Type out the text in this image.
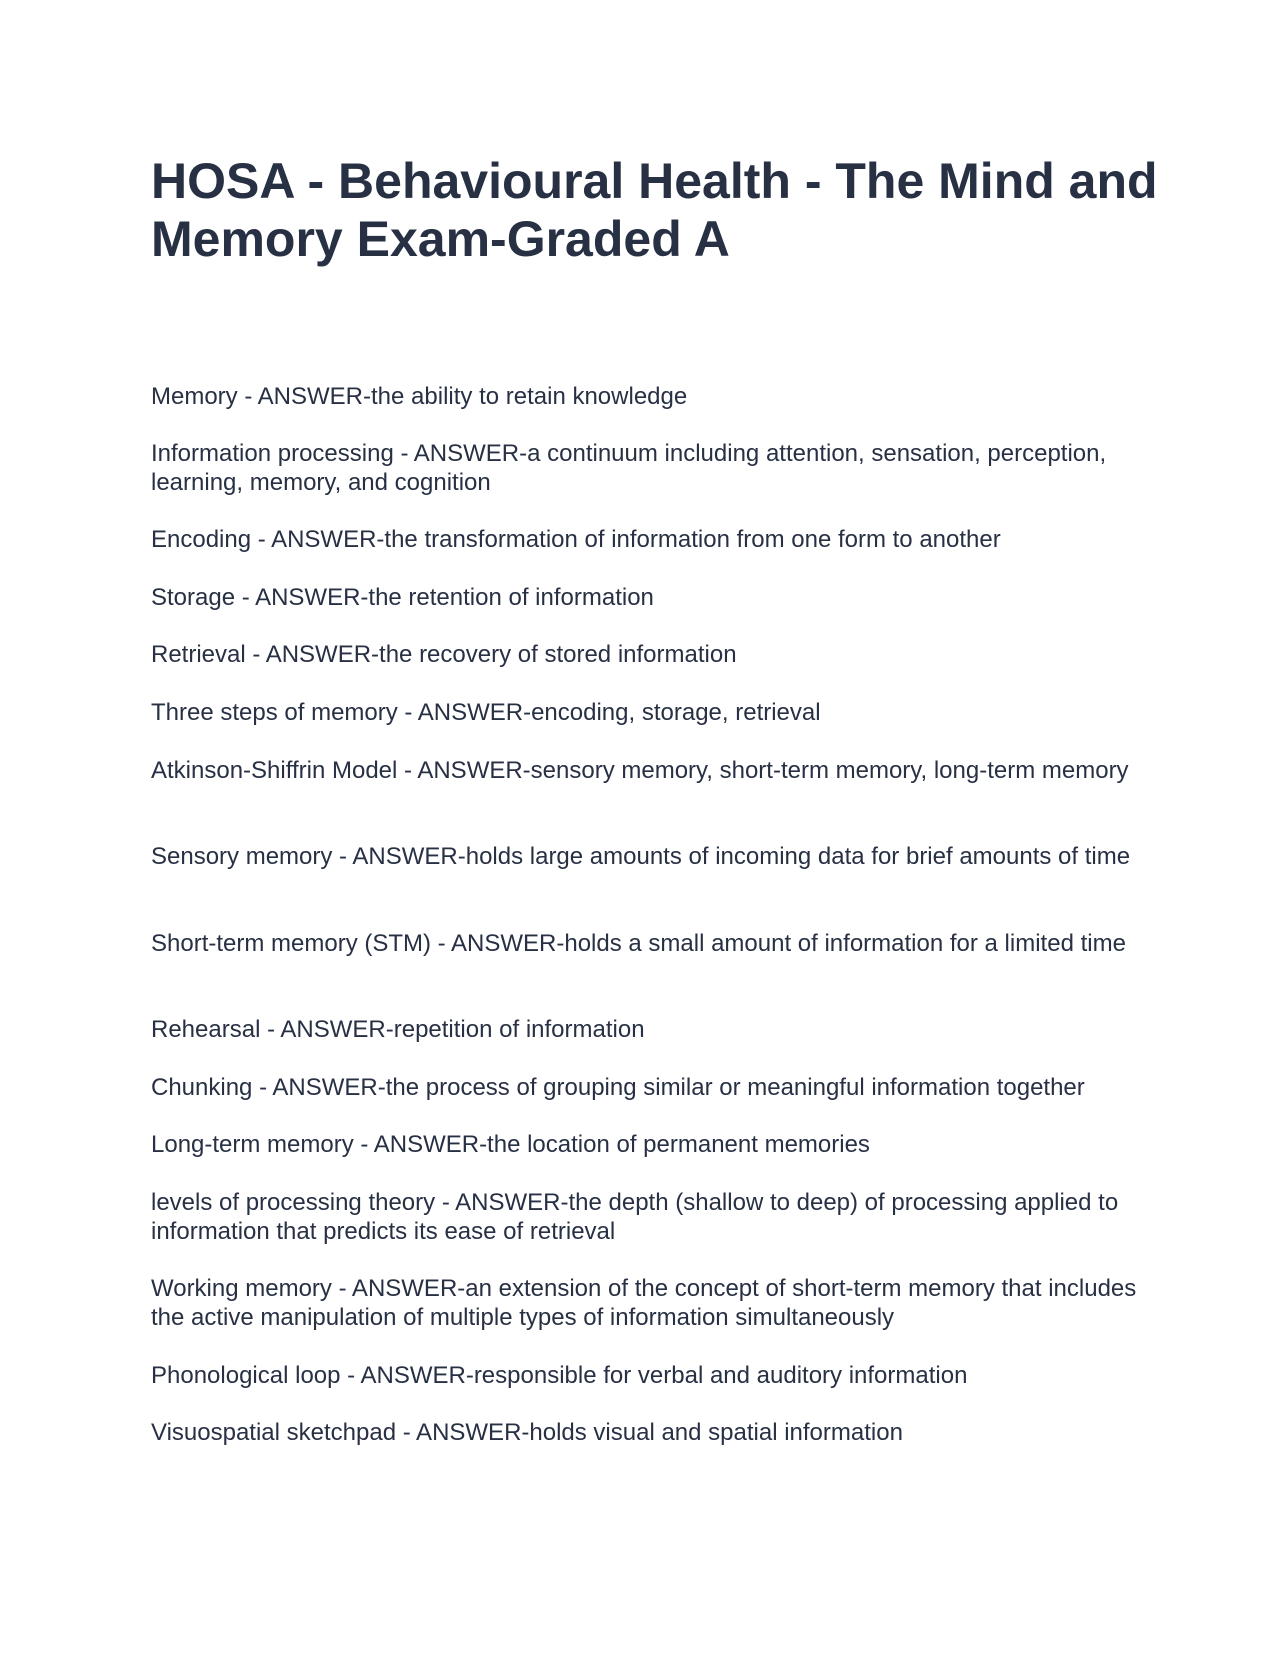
HOSA - Behavioural Health - The Mind and Memory Exam-Graded A
Memory - ANSWER-the ability to retain knowledge
Information processing - ANSWER-a continuum including attention, sensation, perception, learning, memory, and cognition
Encoding - ANSWER-the transformation of information from one form to another
Storage - ANSWER-the retention of information
Retrieval - ANSWER-the recovery of stored information
Three steps of memory - ANSWER-encoding, storage, retrieval
Atkinson-Shiffrin Model - ANSWER-sensory memory, short-term memory, long-term memory
Sensory memory - ANSWER-holds large amounts of incoming data for brief amounts of time
Short-term memory (STM) - ANSWER-holds a small amount of information for a limited time
Rehearsal - ANSWER-repetition of information
Chunking - ANSWER-the process of grouping similar or meaningful information together
Long-term memory - ANSWER-the location of permanent memories
levels of processing theory - ANSWER-the depth (shallow to deep) of processing applied to information that predicts its ease of retrieval
Working memory - ANSWER-an extension of the concept of short-term memory that includes the active manipulation of multiple types of information simultaneously
Phonological loop - ANSWER-responsible for verbal and auditory information
Visuospatial sketchpad - ANSWER-holds visual and spatial information
